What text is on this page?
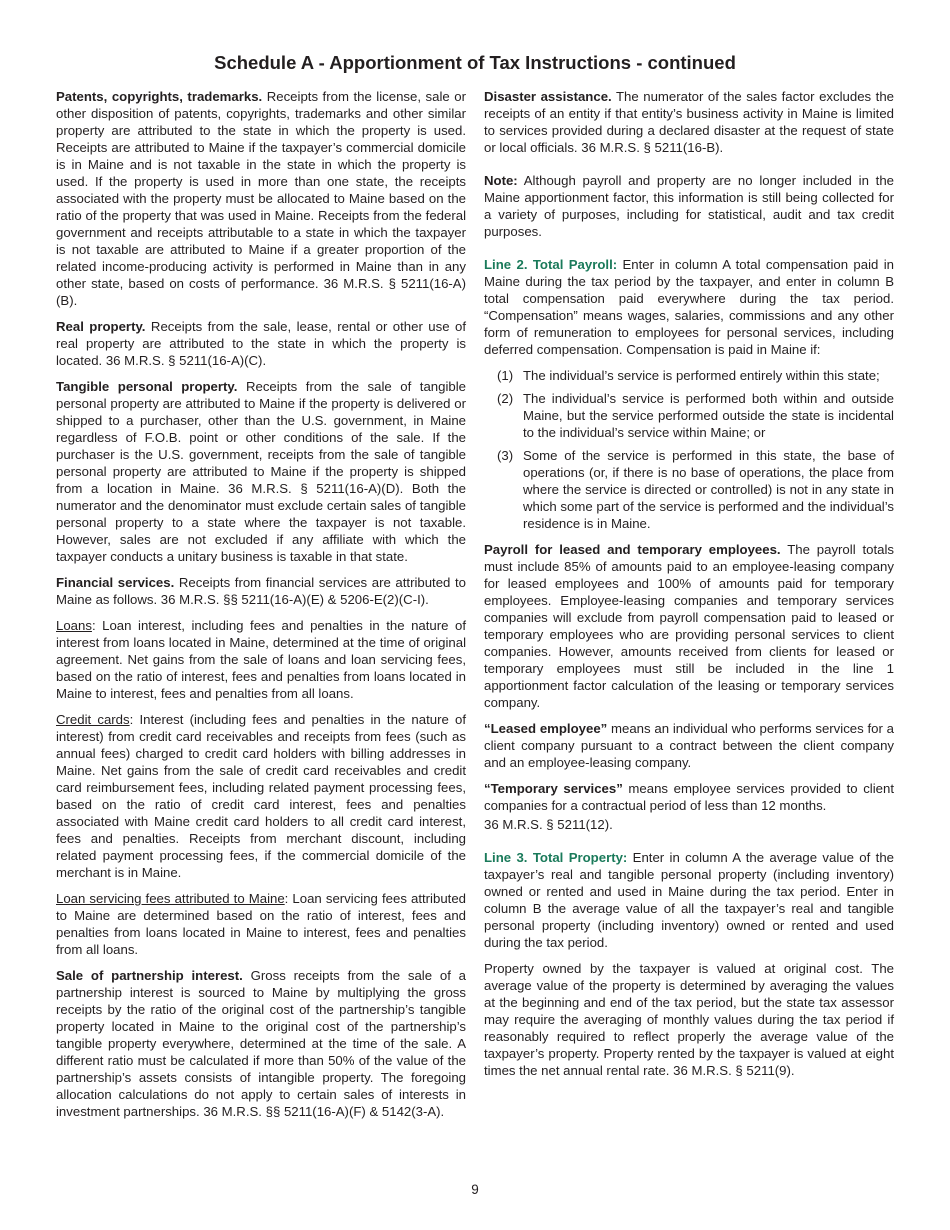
Schedule A - Apportionment of Tax Instructions - continued

Patents, copyrights, trademarks. Receipts from the license, sale or other disposition of patents, copyrights, trademarks and other similar property are attributed to the state in which the property is used. Receipts are attributed to Maine if the taxpayer’s commercial domicile is in Maine and is not taxable in the state in which the property is used. If the property is used in more than one state, the receipts associated with the property must be allocated to Maine based on the ratio of the property that was used in Maine. Receipts from the federal government and receipts attributable to a state in which the taxpayer is not taxable are attributed to Maine if a greater proportion of the related income-producing activity is performed in Maine than in any other state, based on costs of performance. 36 M.R.S. § 5211(16-A)(B).

Real property. Receipts from the sale, lease, rental or other use of real property are attributed to the state in which the property is located. 36 M.R.S. § 5211(16-A)(C).

Tangible personal property. Receipts from the sale of tangible personal property are attributed to Maine if the property is delivered or shipped to a purchaser, other than the U.S. government, in Maine regardless of F.O.B. point or other conditions of the sale. If the purchaser is the U.S. government, receipts from the sale of tangible personal property are attributed to Maine if the property is shipped from a location in Maine. 36 M.R.S. § 5211(16-A)(D). Both the numerator and the denominator must exclude certain sales of tangible personal property to a state where the taxpayer is not taxable. However, sales are not excluded if any affiliate with which the taxpayer conducts a unitary business is taxable in that state.

Financial services. Receipts from financial services are attributed to Maine as follows. 36 M.R.S. §§ 5211(16-A)(E) & 5206-E(2)(C-I).

Loans: Loan interest, including fees and penalties in the nature of interest from loans located in Maine, determined at the time of original agreement. Net gains from the sale of loans and loan servicing fees, based on the ratio of interest, fees and penalties from loans located in Maine to interest, fees and penalties from all loans.

Credit cards: Interest (including fees and penalties in the nature of interest) from credit card receivables and receipts from fees (such as annual fees) charged to credit card holders with billing addresses in Maine. Net gains from the sale of credit card receivables and credit card reimbursement fees, including related payment processing fees, based on the ratio of credit card interest, fees and penalties associated with Maine credit card holders to all credit card interest, fees and penalties. Receipts from merchant discount, including related payment processing fees, if the commercial domicile of the merchant is in Maine.

Loan servicing fees attributed to Maine: Loan servicing fees attributed to Maine are determined based on the ratio of interest, fees and penalties from loans located in Maine to interest, fees and penalties from all loans.

Sale of partnership interest. Gross receipts from the sale of a partnership interest is sourced to Maine by multiplying the gross receipts by the ratio of the original cost of the partnership’s tangible property located in Maine to the original cost of the partnership’s tangible property everywhere, determined at the time of the sale. A different ratio must be calculated if more than 50% of the value of the partnership’s assets consists of intangible property. The foregoing allocation calculations do not apply to certain sales of interests in investment partnerships. 36 M.R.S. §§ 5211(16-A)(F) & 5142(3-A).

Disaster assistance. The numerator of the sales factor excludes the receipts of an entity if that entity’s business activity in Maine is limited to services provided during a declared disaster at the request of state or local officials. 36 M.R.S. § 5211(16-B).

Note: Although payroll and property are no longer included in the Maine apportionment factor, this information is still being collected for a variety of purposes, including for statistical, audit and tax credit purposes.

Line 2. Total Payroll: Enter in column A total compensation paid in Maine during the tax period by the taxpayer, and enter in column B total compensation paid everywhere during the tax period. “Compensation” means wages, salaries, commissions and any other form of remuneration to employees for personal services, including deferred compensation. Compensation is paid in Maine if:

(1) The individual’s service is performed entirely within this state;
(2) The individual’s service is performed both within and outside Maine, but the service performed outside the state is incidental to the individual’s service within Maine; or
(3) Some of the service is performed in this state, the base of operations (or, if there is no base of operations, the place from where the service is directed or controlled) is not in any state in which some part of the service is performed and the individual’s residence is in Maine.

Payroll for leased and temporary employees. The payroll totals must include 85% of amounts paid to an employee-leasing company for leased employees and 100% of amounts paid for temporary employees. Employee-leasing companies and temporary services companies will exclude from payroll compensation paid to leased or temporary employees who are providing personal services to client companies. However, amounts received from clients for leased or temporary employees must still be included in the line 1 apportionment factor calculation of the leasing or temporary services company.

“Leased employee” means an individual who performs services for a client company pursuant to a contract between the client company and an employee-leasing company.

“Temporary services” means employee services provided to client companies for a contractual period of less than 12 months.

36 M.R.S. § 5211(12).

Line 3. Total Property: Enter in column A the average value of the taxpayer’s real and tangible personal property (including inventory) owned or rented and used in Maine during the tax period. Enter in column B the average value of all the taxpayer’s real and tangible personal property (including inventory) owned or rented and used during the tax period.

Property owned by the taxpayer is valued at original cost. The average value of the property is determined by averaging the values at the beginning and end of the tax period, but the state tax assessor may require the averaging of monthly values during the tax period if reasonably required to reflect properly the average value of the taxpayer’s property. Property rented by the taxpayer is valued at eight times the net annual rental rate. 36 M.R.S. § 5211(9).

9
